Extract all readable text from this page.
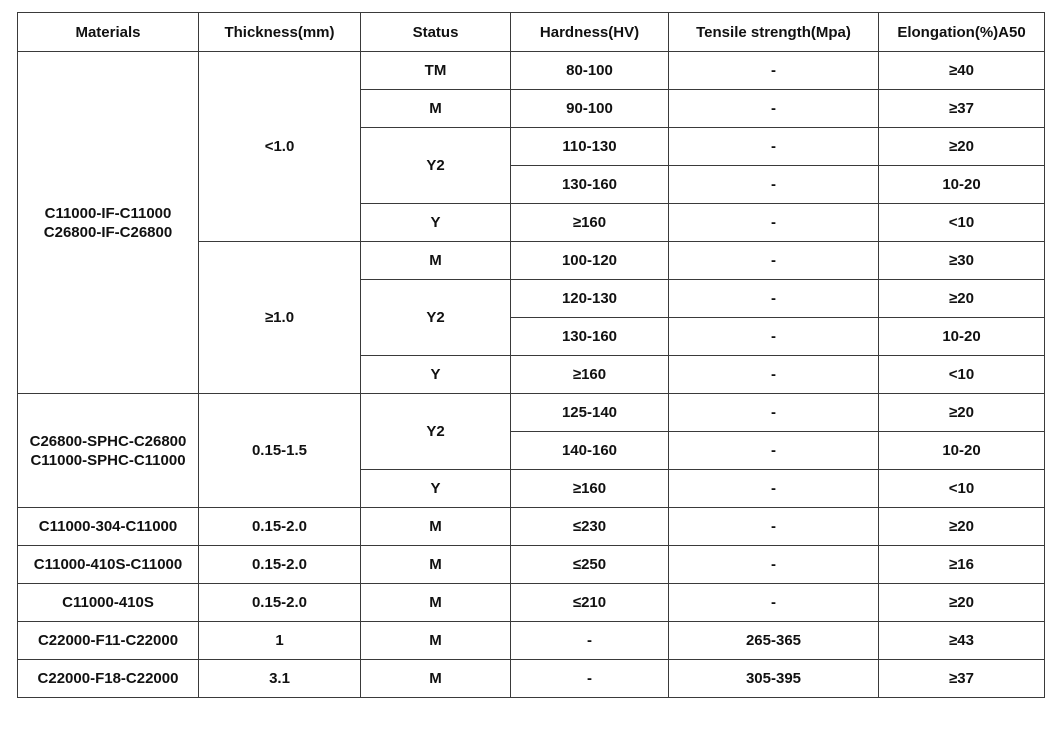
Materials	Thickness(mm)	Status	Hardness(HV)	Tensile strength(Mpa)	Elongation(%)A50

C11000-IF-C11000
C26800-IF-C26800	<1.0	TM	80-100	-	≥40
		M	90-100	-	≥37
		Y2	110-130	-	≥20
			130-160	-	10-20
		Y	≥160	-	<10
	≥1.0	M	100-120	-	≥30
		Y2	120-130	-	≥20
			130-160	-	10-20
		Y	≥160	-	<10

C26800-SPHC-C26800
C11000-SPHC-C11000	0.15-1.5	Y2	125-140	-	≥20
			140-160	-	10-20
		Y	≥160	-	<10

C11000-304-C11000	0.15-2.0	M	≤230	-	≥20

C11000-410S-C11000	0.15-2.0	M	≤250	-	≥16

C11000-410S	0.15-2.0	M	≤210	-	≥20

C22000-F11-C22000	1	M	-	265-365	≥43

C22000-F18-C22000	3.1	M	-	305-395	≥37
